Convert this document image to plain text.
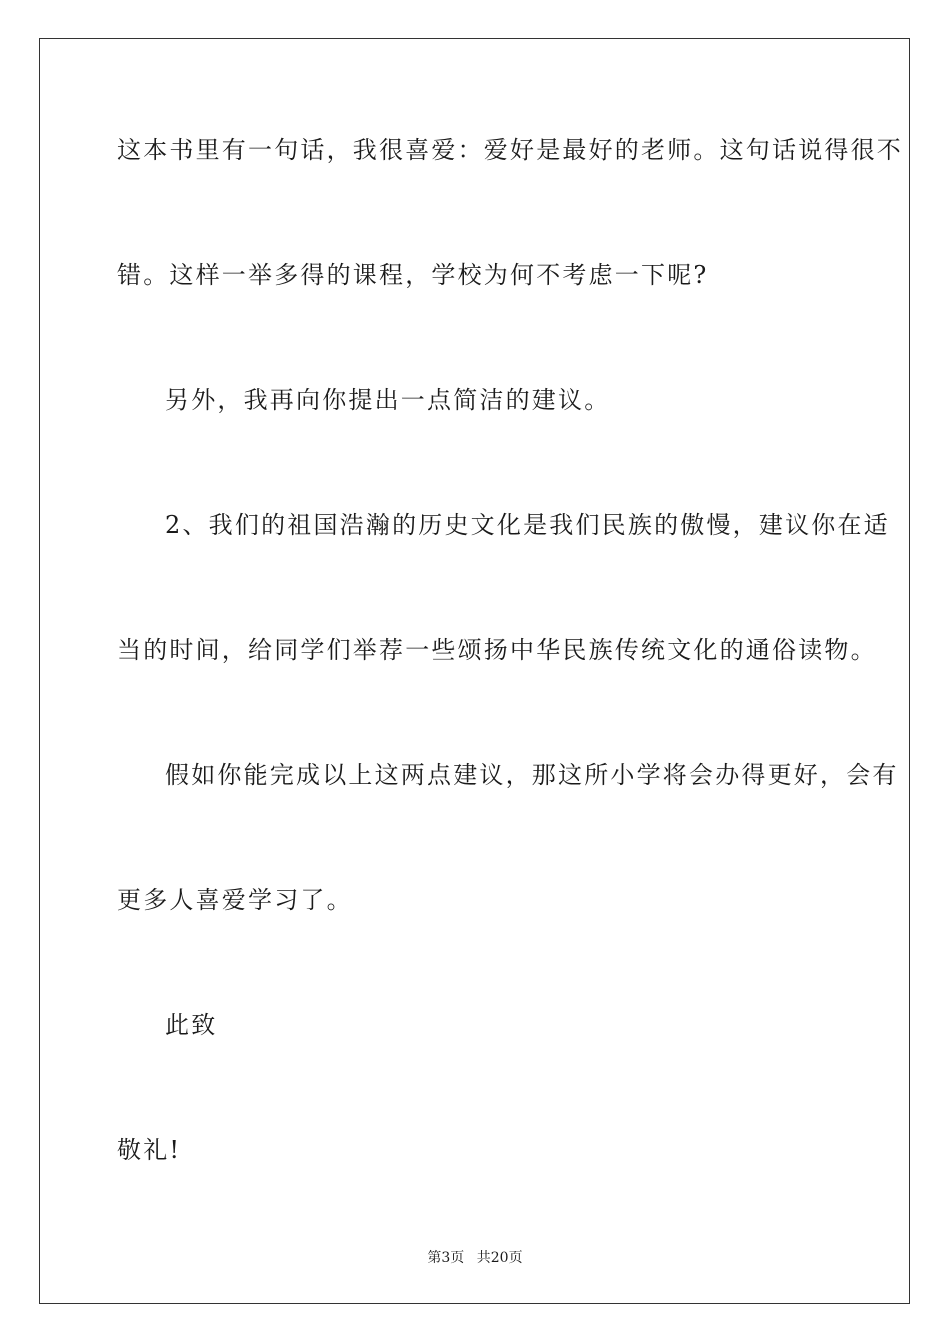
这本书里有一句话，我很喜爱：爱好是最好的老师。这句话说得很不
错。这样一举多得的课程，学校为何不考虑一下呢?
另外，我再向你提出一点简洁的建议。
2、我们的祖国浩瀚的历史文化是我们民族的傲慢，建议你在适
当的时间，给同学们举荐一些颂扬中华民族传统文化的通俗读物。
假如你能完成以上这两点建议，那这所小学将会办得更好，会有
更多人喜爱学习了。
此致
敬礼!
第3页 共20页
